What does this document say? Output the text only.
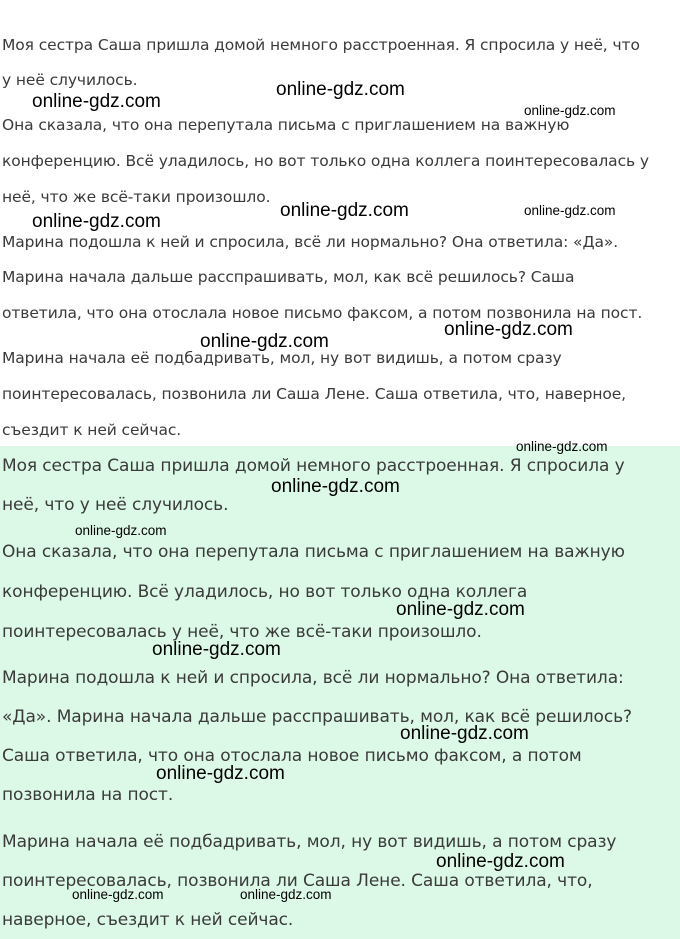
Моя сестра Саша пришла домой немного расстроенная. Я спросила у неё, что
у неё случилось.
Она сказала, что она перепутала письма с приглашением на важную
конференцию. Всё уладилось, но вот только одна коллега поинтересовалась у
неё, что же всё-таки произошло.
Марина подошла к ней и спросила, всё ли нормально? Она ответила: «Да».
Марина начала дальше расспрашивать, мол, как всё решилось? Саша
ответила, что она отослала новое письмо факсом, а потом позвонила на пост.
Марина начала её подбадривать, мол, ну вот видишь, а потом сразу
поинтересовалась, позвонила ли Саша Лене. Саша ответила, что, наверное,
съездит к ней сейчас.
Моя сестра Саша пришла домой немного расстроенная. Я спросила у
неё, что у неё случилось.
Она сказала, что она перепутала письма с приглашением на важную
конференцию. Всё уладилось, но вот только одна коллега
поинтересовалась у неё, что же всё-таки произошло.
Марина подошла к ней и спросила, всё ли нормально? Она ответила:
«Да». Марина начала дальше расспрашивать, мол, как всё решилось?
Саша ответила, что она отослала новое письмо факсом, а потом
позвонила на пост.
Марина начала её подбадривать, мол, ну вот видишь, а потом сразу
поинтересовалась, позвонила ли Саша Лене. Саша ответила, что,
наверное, съездит к ней сейчас.
online-gdz.com
online-gdz.com	online-gdz.com
online-gdz.com	online-gdz.com
online-gdz.com
online-gdz.com
online-gdz.com
online-gdz.com
online-gdz.com
online-gdz.com
online-gdz.com
online-gdz.com
online-gdz.com
online-gdz.com
online-gdz.com
online-gdz.com	online-gdz.com
